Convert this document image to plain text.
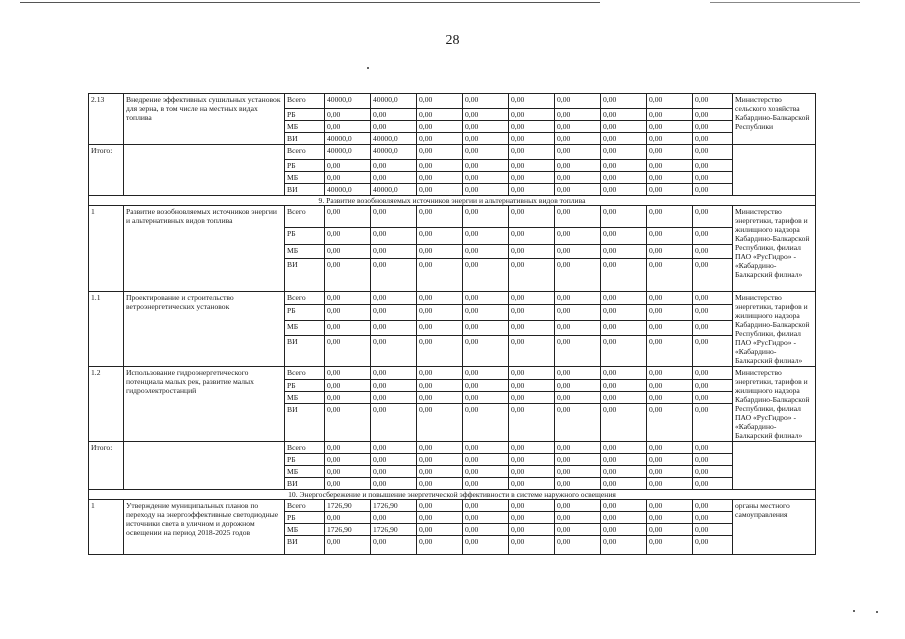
28
2.13	Внедрение эффективных сушильных установок для зерна, в том числе на местных видах топлива	Всего	40000,0	40000,0	0,00	0,00	0,00	0,00	0,00	0,00	0,00	Министерство сельского хозяйства Кабардино-Балкарской Республики
		РБ	0,00	0,00	0,00	0,00	0,00	0,00	0,00	0,00	0,00	
		МБ	0,00	0,00	0,00	0,00	0,00	0,00	0,00	0,00	0,00	
		ВИ	40000,0	40000,0	0,00	0,00	0,00	0,00	0,00	0,00	0,00	
Итого:		Всего	40000,0	40000,0	0,00	0,00	0,00	0,00	0,00	0,00	0,00	
		РБ	0,00	0,00	0,00	0,00	0,00	0,00	0,00	0,00	0,00	
		МБ	0,00	0,00	0,00	0,00	0,00	0,00	0,00	0,00	0,00	
		ВИ	40000,0	40000,0	0,00	0,00	0,00	0,00	0,00	0,00	0,00	
9. Развитие возобновляемых источников энергии и альтернативных видов топлива												
1	Развитие возобновляемых источников энергии и альтернативных видов топлива	Всего	0,00	0,00	0,00	0,00	0,00	0,00	0,00	0,00	0,00	Министерство энергетики, тарифов и жилищного надзора Кабардино-Балкарской Республики, филиал ПАО «РусГидро» - «Кабардино-Балкарский филиал»
		РБ	0,00	0,00	0,00	0,00	0,00	0,00	0,00	0,00	0,00	
		МБ	0,00	0,00	0,00	0,00	0,00	0,00	0,00	0,00	0,00	
		ВИ	0,00	0,00	0,00	0,00	0,00	0,00	0,00	0,00	0,00	
1.1	Проектирование и строительство ветроэнергетических установок	Всего	0,00	0,00	0,00	0,00	0,00	0,00	0,00	0,00	0,00	Министерство энергетики, тарифов и жилищного надзора Кабардино-Балкарской Республики, филиал ПАО «РусГидро» - «Кабардино-Балкарский филиал»
		РБ	0,00	0,00	0,00	0,00	0,00	0,00	0,00	0,00	0,00	
		МБ	0,00	0,00	0,00	0,00	0,00	0,00	0,00	0,00	0,00	
		ВИ	0,00	0,00	0,00	0,00	0,00	0,00	0,00	0,00	0,00	
1.2	Использование гидроэнергетического потенциала малых рек, развитие малых гидроэлектростанций	Всего	0,00	0,00	0,00	0,00	0,00	0,00	0,00	0,00	0,00	Министерство энергетики, тарифов и жилищного надзора Кабардино-Балкарской Республики, филиал ПАО «РусГидро» - «Кабардино-Балкарский филиал»
		РБ	0,00	0,00	0,00	0,00	0,00	0,00	0,00	0,00	0,00	
		МБ	0,00	0,00	0,00	0,00	0,00	0,00	0,00	0,00	0,00	
		ВИ	0,00	0,00	0,00	0,00	0,00	0,00	0,00	0,00	0,00	
Итого:		Всего	0,00	0,00	0,00	0,00	0,00	0,00	0,00	0,00	0,00	
		РБ	0,00	0,00	0,00	0,00	0,00	0,00	0,00	0,00	0,00	
		МБ	0,00	0,00	0,00	0,00	0,00	0,00	0,00	0,00	0,00	
		ВИ	0,00	0,00	0,00	0,00	0,00	0,00	0,00	0,00	0,00	
10. Энергосбережение и повышение энергетической эффективности в системе наружного освещения												
1	Утверждение муниципальных планов по переходу на энергоэффективные светодиодные источники света в уличном и дорожном освещении на период 2018-2025 годов	Всего	1726,90	1726,90	0,00	0,00	0,00	0,00	0,00	0,00	0,00	органы местного самоуправления
		РБ	0,00	0,00	0,00	0,00	0,00	0,00	0,00	0,00	0,00	
		МБ	1726,90	1726,90	0,00	0,00	0,00	0,00	0,00	0,00	0,00	
		ВИ	0,00	0,00	0,00	0,00	0,00	0,00	0,00	0,00	0,00	
